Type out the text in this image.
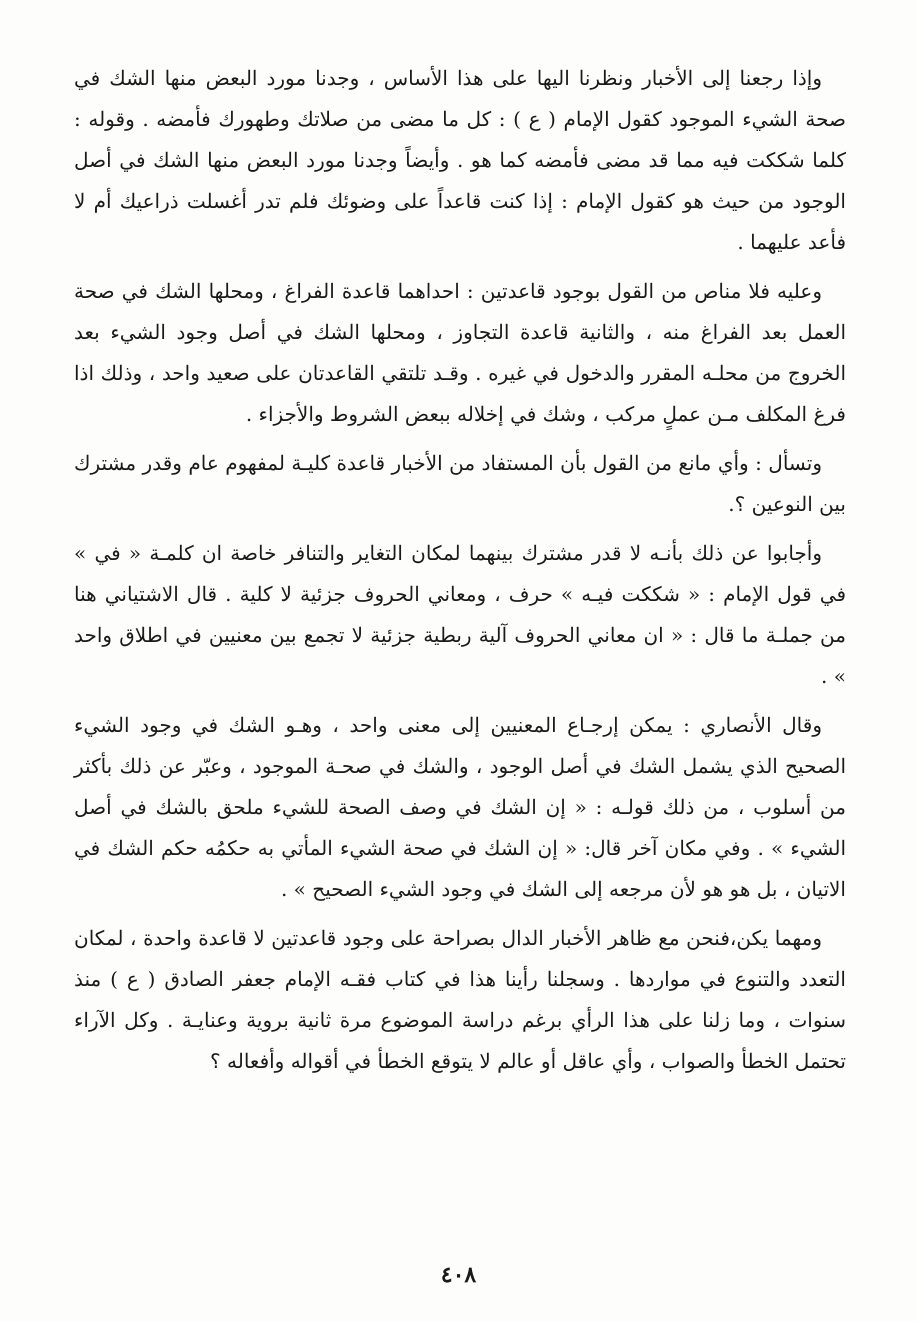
وإذا رجعنا إلى الأخبار ونظرنا اليها على هذا الأساس ، وجدنا مورد البعض منها الشك في صحة الشيء الموجود كقول الإمام ( ع ) : كل ما مضى من صلاتك وطهورك فأمضه . وقوله : كلما شككت فيه مما قد مضى فأمضه كما هو . وأيضاً وجدنا مورد البعض منها الشك في أصل الوجود من حيث هو كقول الإمام : إذا كنت قاعداً على وضوئك فلم تدر أغسلت ذراعيك أم لا فأعد عليهما .

وعليه فلا مناص من القول بوجود قاعدتين : احداهما قاعدة الفراغ ، ومحلها الشك في صحة العمل بعد الفراغ منه ، والثانية قاعدة التجاوز ، ومحلها الشك في أصل وجود الشيء بعد الخروج من محلـه المقرر والدخول في غيره . وقـد تلتقي القاعدتان على صعيد واحد ، وذلك اذا فرغ المكلف مـن عملٍ مركب ، وشك في إخلاله ببعض الشروط والأجزاء .

وتسأل : وأي مانع من القول بأن المستفاد من الأخبار قاعدة كليـة لمفهوم عام وقدر مشترك بين النوعين ؟.

وأجابوا عن ذلك بأنـه لا قدر مشترك بينهما لمكان التغاير والتنافر خاصة ان كلمـة « في » في قول الإمام : « شككت فيـه » حرف ، ومعاني الحروف جزئية لا كلية . قال الاشتياني هنا من جملـة ما قال : « ان معاني الحروف آلية ربطية جزئية لا تجمع بين معنيين في اطلاق واحد » .

وقال الأنصاري : يمكن إرجـاع المعنيين إلى معنى واحد ، وهـو الشك في وجود الشيء الصحيح الذي يشمل الشك في أصل الوجود ، والشك في صحـة الموجود ، وعبّر عن ذلك بأكثر من أسلوب ، من ذلك قولـه : « إن الشك في وصف الصحة للشيء ملحق بالشك في أصل الشيء » . وفي مكان آخر قال: « إن الشك في صحة الشيء المأتي به حكمُه حكم الشك في الاتيان ، بل هو هو لأن مرجعه إلى الشك في وجود الشيء الصحيح » .

ومهما يكن،فنحن مع ظاهر الأخبار الدال بصراحة على وجود قاعدتين لا قاعدة واحدة ، لمكان التعدد والتنوع في مواردها . وسجلنا رأينا هذا في كتاب فقـه الإمام جعفر الصادق ( ع ) منذ سنوات ، وما زلنا على هذا الرأي برغم دراسة الموضوع مرة ثانية بروية وعنايـة . وكل الآراء تحتمل الخطأ والصواب ، وأي عاقل أو عالم لا يتوقع الخطأ في أقواله وأفعاله ؟

٤٠٨
